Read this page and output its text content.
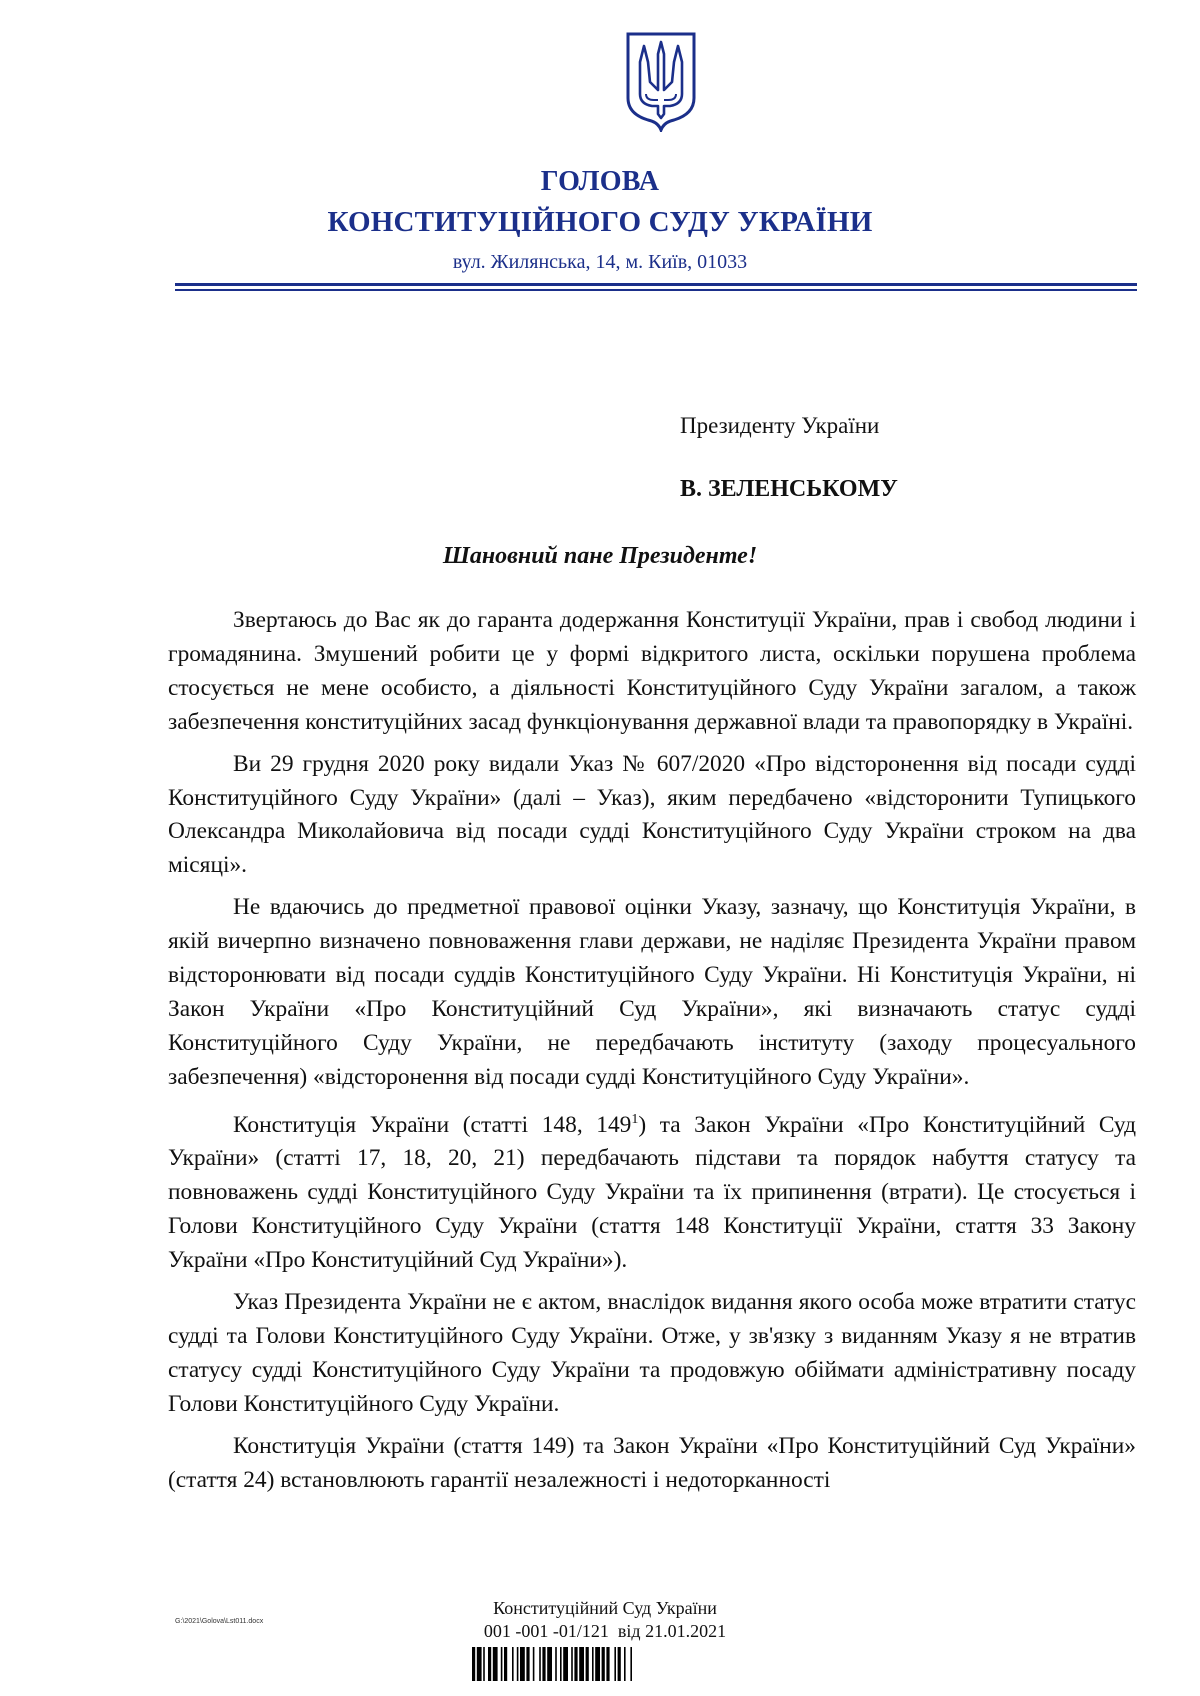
ГОЛОВА
КОНСТИТУЦІЙНОГО СУДУ УКРАЇНИ
вул. Жилянська, 14, м. Київ, 01033
Президенту України
В. ЗЕЛЕНСЬКОМУ
Шановний пане Президенте!

Звертаюсь до Вас як до гаранта додержання Конституції України, прав і свобод людини і громадянина. Змушений робити це у формі відкритого листа, оскільки порушена проблема стосується не мене особисто, а діяльності Конституційного Суду України загалом, а також забезпечення конституційних засад функціонування державної влади та правопорядку в Україні.

Ви 29 грудня 2020 року видали Указ № 607/2020 «Про відсторонення від посади судді Конституційного Суду України» (далі – Указ), яким передбачено «відсторонити Тупицького Олександра Миколайовича від посади судді Конституційного Суду України строком на два місяці».

Не вдаючись до предметної правової оцінки Указу, зазначу, що Конституція України, в якій вичерпно визначено повноваження глави держави, не наділяє Президента України правом відсторонювати від посади суддів Конституційного Суду України. Ні Конституція України, ні Закон України «Про Конституційний Суд України», які визначають статус судді Конституційного Суду України, не передбачають інституту (заходу процесуального забезпечення) «відсторонення від посади судді Конституційного Суду України».

Конституція України (статті 148, $149^1$) та Закон України «Про Конституційний Суд України» (статті 17, 18, 20, 21) передбачають підстави та порядок набуття статусу та повноважень судді Конституційного Суду України та їх припинення (втрати). Це стосується і Голови Конституційного Суду України (стаття 148 Конституції України, стаття 33 Закону України «Про Конституційний Суд України»).

Указ Президента України не є актом, внаслідок видання якого особа може втратити статус судді та Голови Конституційного Суду України. Отже, у зв'язку з виданням Указу я не втратив статусу судді Конституційного Суду України та продовжую обіймати адміністративну посаду Голови Конституційного Суду України.

Конституція України (стаття 149) та Закон України «Про Конституційний Суд України» (стаття 24) встановлюють гарантії незалежності і недоторканності

G:\2021\Golova\Lst011.docx
Конституційний Суд України
001 -001 -01/121  від 21.01.2021
